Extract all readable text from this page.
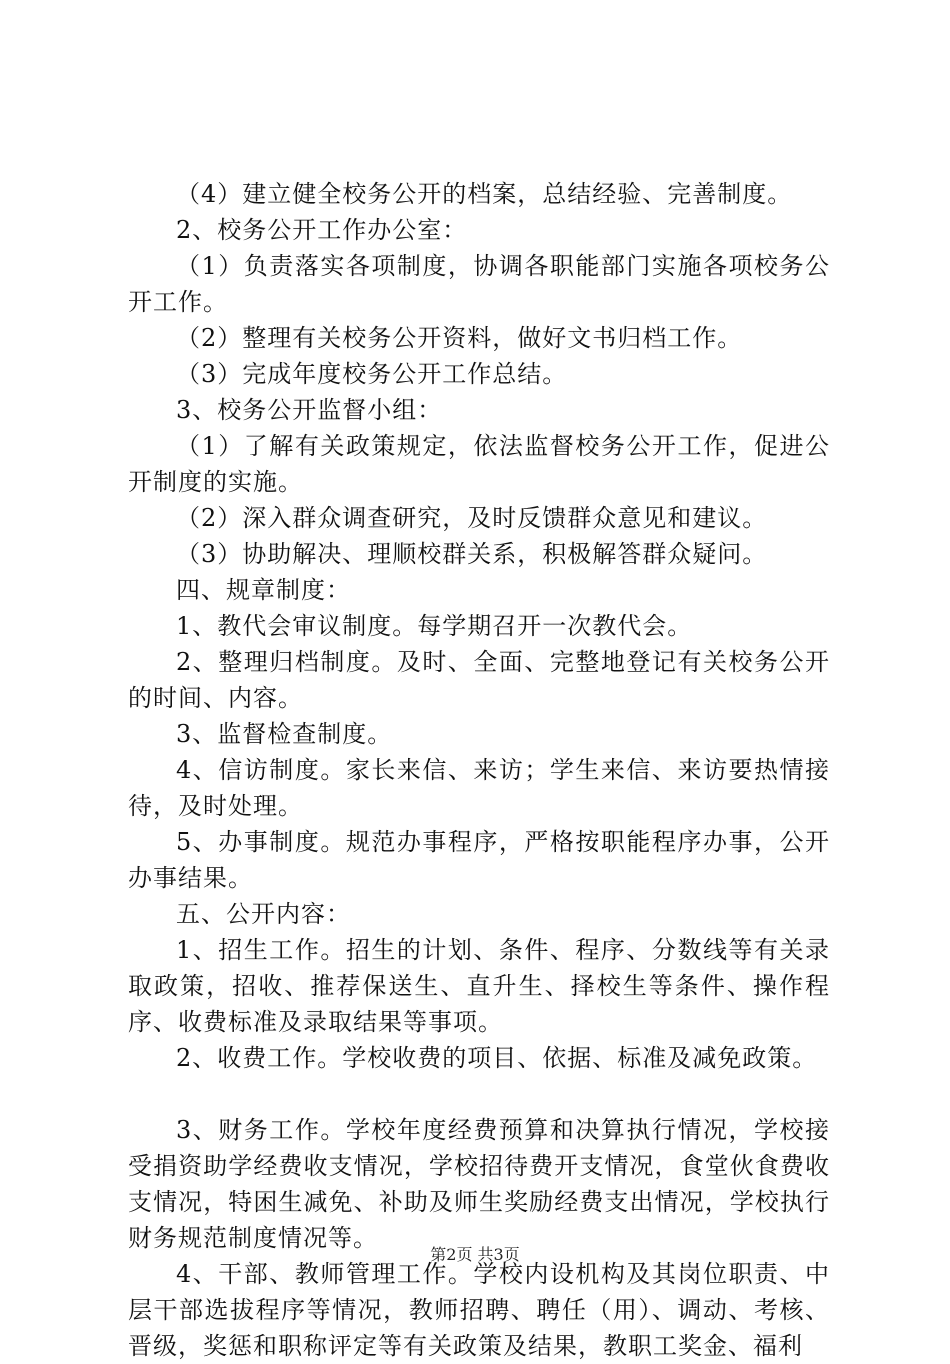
（4）建立健全校务公开的档案，总结经验、完善制度。

2、校务公开工作办公室：

（1）负责落实各项制度，协调各职能部门实施各项校务公开工作。

（2）整理有关校务公开资料，做好文书归档工作。

（3）完成年度校务公开工作总结。

3、校务公开监督小组：

（1）了解有关政策规定，依法监督校务公开工作，促进公开制度的实施。

（2）深入群众调查研究，及时反馈群众意见和建议。

（3）协助解决、理顺校群关系，积极解答群众疑问。

四、规章制度：

1、教代会审议制度。每学期召开一次教代会。

2、整理归档制度。及时、全面、完整地登记有关校务公开的时间、内容。

3、监督检查制度。

4、信访制度。家长来信、来访；学生来信、来访要热情接待，及时处理。

5、办事制度。规范办事程序，严格按职能程序办事，公开办事结果。

五、公开内容：

1、招生工作。招生的计划、条件、程序、分数线等有关录取政策，招收、推荐保送生、直升生、择校生等条件、操作程序、收费标准及录取结果等事项。

2、收费工作。学校收费的项目、依据、标准及减免政策。

3、财务工作。学校年度经费预算和决算执行情况，学校接受捐资助学经费收支情况，学校招待费开支情况，食堂伙食费收支情况，特困生减免、补助及师生奖励经费支出情况，学校执行财务规范制度情况等。

4、干部、教师管理工作。学校内设机构及其岗位职责、中层干部选拔程序等情况，教师招聘、聘任（用）、调动、考核、晋级，奖惩和职称评定等有关政策及结果，教职工奖金、福利

第2页 共3页
